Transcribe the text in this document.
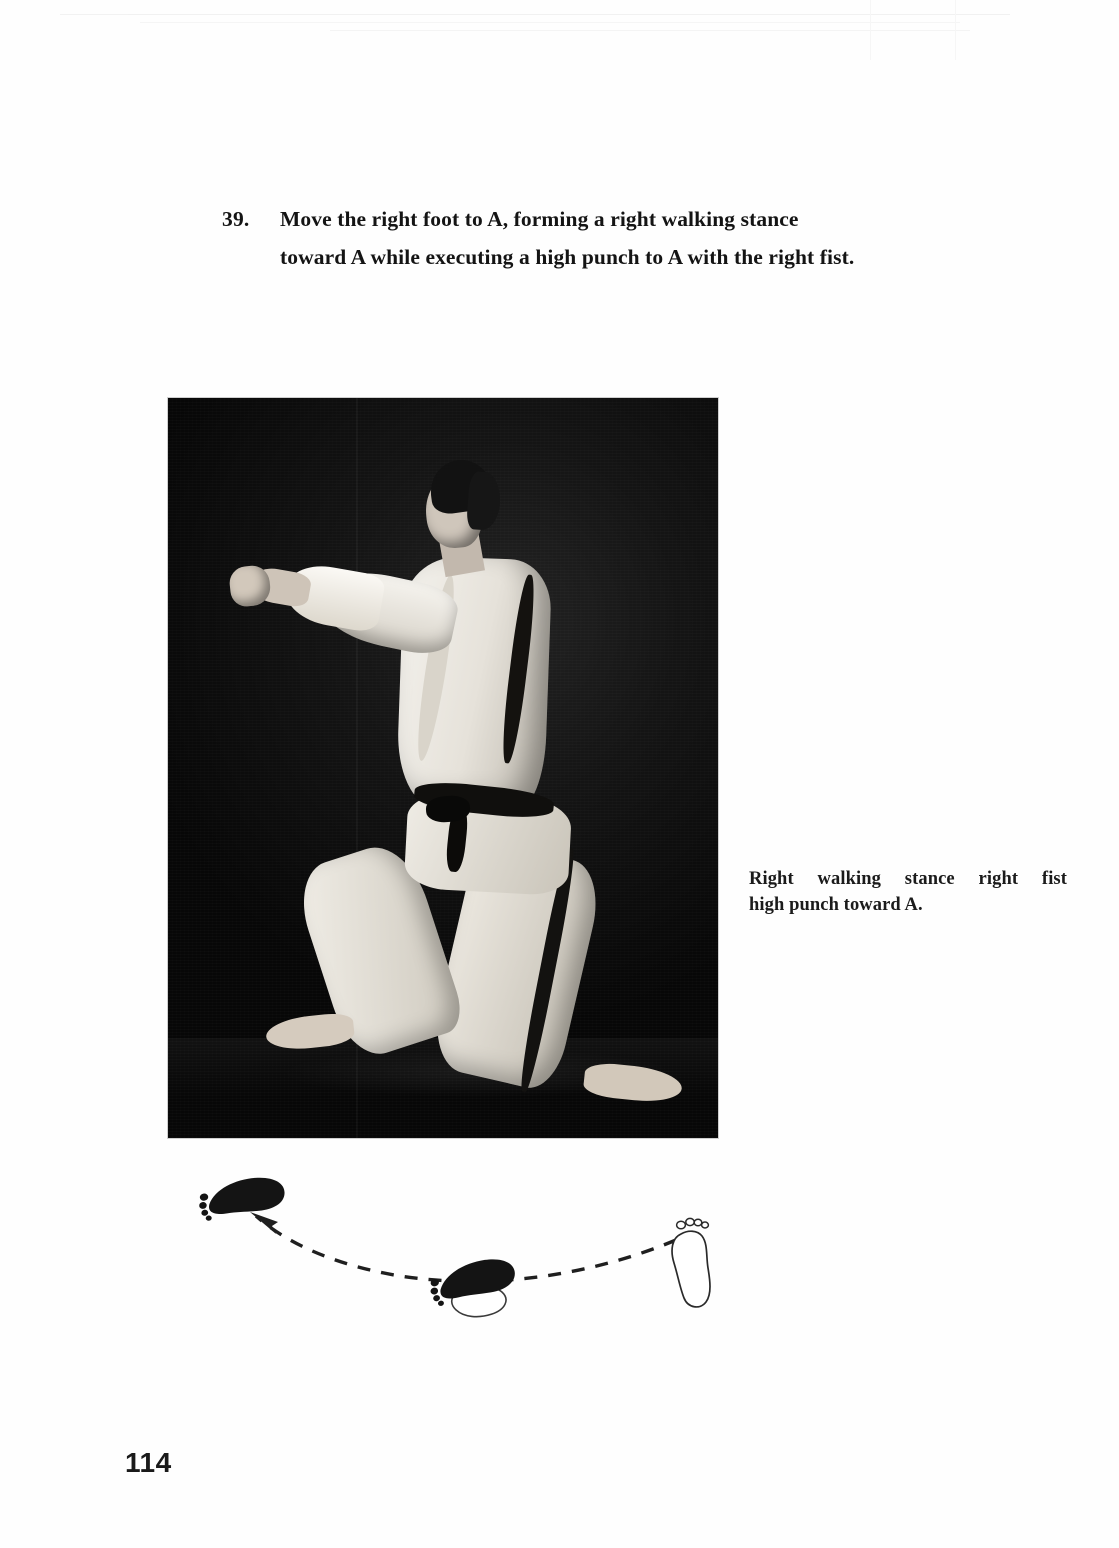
39.	Move the right foot to A, forming a right walking stance toward A while executing a high punch to A with the right fist.
Right  walking  stance  right  fist
high punch toward A.
114
